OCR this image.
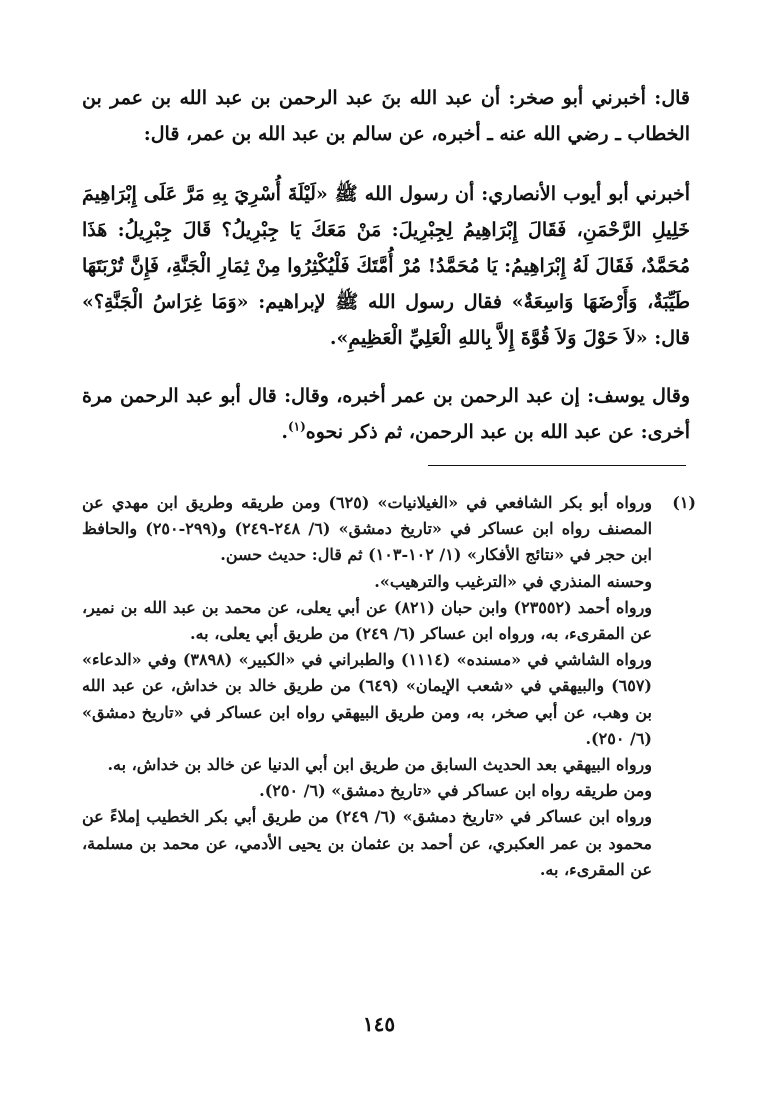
قال: أخبرني أبو صخر: أن عبد الله بنَ عبد الرحمن بن عبد الله بن عمر بن الخطاب ـ رضي الله عنه ـ أخبره، عن سالم بن عبد الله بن عمر، قال:
أخبرني أبو أيوب الأنصاري: أن رسول الله ﷺ «لَيْلَةَ أُسْرِيَ بِهِ مَرَّ عَلَى إِبْرَاهِيمَ خَلِيلِ الرَّحْمَنِ، فَقَالَ إِبْرَاهِيمُ لِجِبْرِيلَ: مَنْ مَعَكَ يَا جِبْرِيلُ؟ قَالَ جِبْرِيلُ: هَذَا مُحَمَّدٌ، فَقَالَ لَهُ إِبْرَاهِيمُ: يَا مُحَمَّدُ! مُرْ أُمَّتَكَ فَلْيُكْثِرُوا مِنْ ثِمَارِ الْجَنَّةِ، فَإِنَّ تُرْبَتَهَا طَيِّبَةٌ، وَأَرْضَهَا وَاسِعَةٌ» فقال رسول الله ﷺ لإبراهيم: «وَمَا غِرَاسُ الْجَنَّةِ؟» قال: «لاَ حَوْلَ وَلاَ قُوَّةَ إِلاَّ بِاللهِ الْعَلِيِّ الْعَظِيمِ».
وقال يوسف: إن عبد الرحمن بن عمر أخبره، وقال: قال أبو عبد الرحمن مرة أخرى: عن عبد الله بن عبد الرحمن، ثم ذكر نحوه$^{(١)}$.
(١)

ورواه أبو بكر الشافعي في «الغيلانيات» (٦٢٥) ومن طريقه وطريق ابن مهدي عن المصنف رواه ابن عساكر في «تاريخ دمشق» (٦/ ٢٤٨-٢٤٩) و(٢٩٩-٢٥٠) والحافظ ابن حجر في «نتائج الأفكار» (١/ ١٠٢-١٠٣) ثم قال: حديث حسن.

وحسنه المنذري في «الترغيب والترهيب».

ورواه أحمد (٢٣٥٥٢) وابن حبان (٨٢١) عن أبي يعلى، عن محمد بن عبد الله بن نمير، عن المقرىء، به، ورواه ابن عساكر (٦/ ٢٤٩) من طريق أبي يعلى، به.

ورواه الشاشي في «مسنده» (١١١٤) والطبراني في «الكبير» (٣٨٩٨) وفي «الدعاء» (٦٥٧) والبيهقي في «شعب الإيمان» (٦٤٩) من طريق خالد بن خداش، عن عبد الله بن وهب، عن أبي صخر، به، ومن طريق البيهقي رواه ابن عساكر في «تاريخ دمشق» (٦/ ٢٥٠).

ورواه البيهقي بعد الحديث السابق من طريق ابن أبي الدنيا عن خالد بن خداش، به.

ومن طريقه رواه ابن عساكر في «تاريخ دمشق» (٦/ ٢٥٠).

ورواه ابن عساكر في «تاريخ دمشق» (٦/ ٢٤٩) من طريق أبي بكر الخطيب إملاءً عن محمود بن عمر العكبري، عن أحمد بن عثمان بن يحيى الأدمي، عن محمد بن مسلمة، عن المقرىء، به.

١٤٥
